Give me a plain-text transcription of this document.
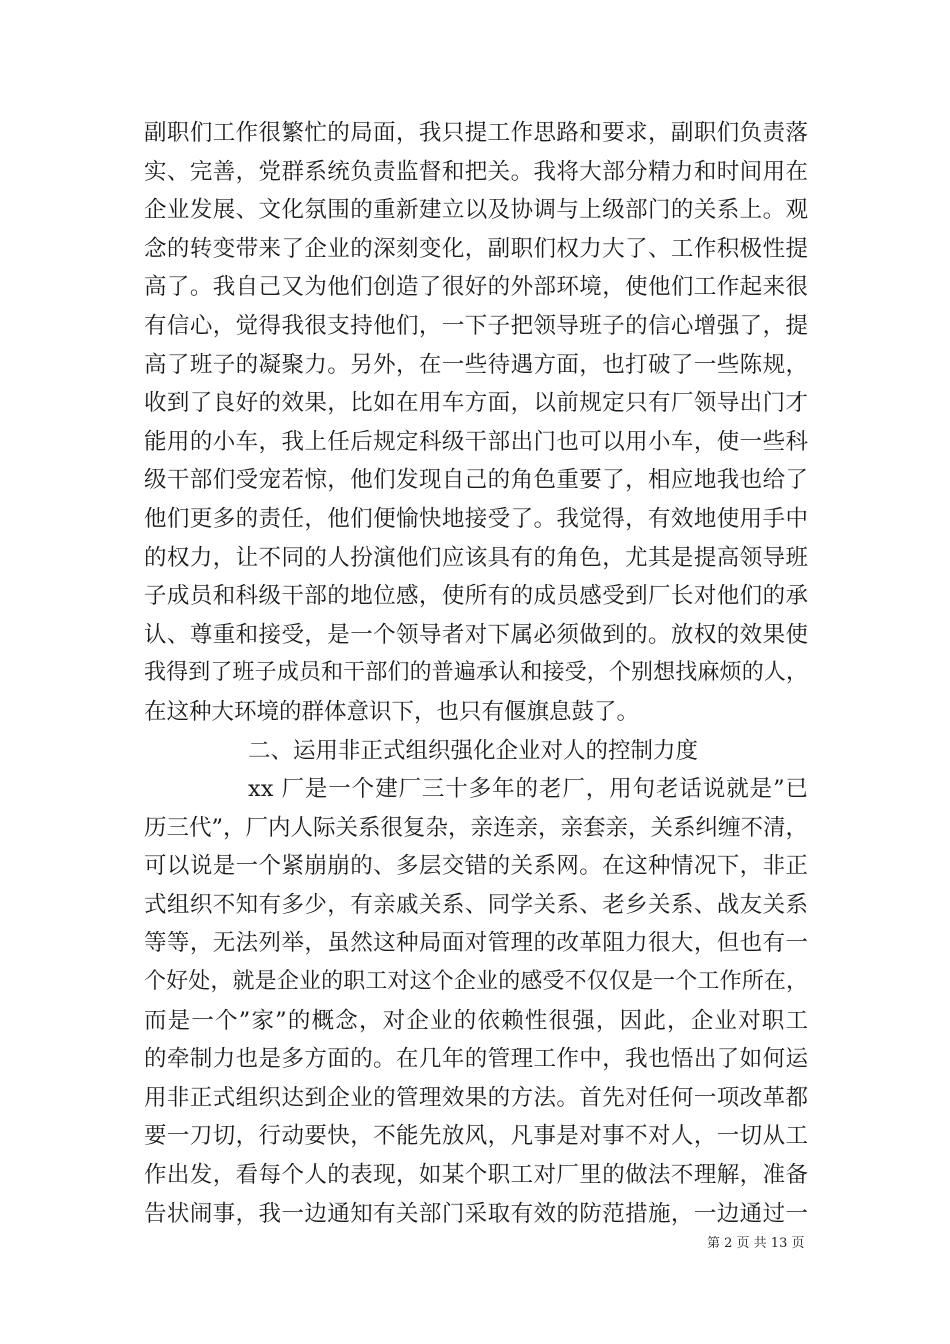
副职们工作很繁忙的局面，我只提工作思路和要求，副职们负责落
实、完善，党群系统负责监督和把关。我将大部分精力和时间用在
企业发展、文化氛围的重新建立以及协调与上级部门的关系上。观
念的转变带来了企业的深刻变化，副职们权力大了、工作积极性提
高了。我自己又为他们创造了很好的外部环境，使他们工作起来很
有信心，觉得我很支持他们，一下子把领导班子的信心增强了，提
高了班子的凝聚力。另外，在一些待遇方面，也打破了一些陈规，
收到了良好的效果，比如在用车方面，以前规定只有厂领导出门才
能用的小车，我上任后规定科级干部出门也可以用小车，使一些科
级干部们受宠若惊，他们发现自己的角色重要了，相应地我也给了
他们更多的责任，他们便愉快地接受了。我觉得，有效地使用手中
的权力，让不同的人扮演他们应该具有的角色，尤其是提高领导班
子成员和科级干部的地位感，使所有的成员感受到厂长对他们的承
认、尊重和接受，是一个领导者对下属必须做到的。放权的效果使
我得到了班子成员和干部们的普遍承认和接受，个别想找麻烦的人，
在这种大环境的群体意识下，也只有偃旗息鼓了。
二、运用非正式组织强化企业对人的控制力度
xx 厂是一个建厂三十多年的老厂，用句老话说就是”已
历三代”，厂内人际关系很复杂，亲连亲，亲套亲，关系纠缠不清，
可以说是一个紧崩崩的、多层交错的关系网。在这种情况下，非正
式组织不知有多少，有亲戚关系、同学关系、老乡关系、战友关系
等等，无法列举，虽然这种局面对管理的改革阻力很大，但也有一
个好处，就是企业的职工对这个企业的感受不仅仅是一个工作所在，
而是一个”家”的概念，对企业的依赖性很强，因此，企业对职工
的牵制力也是多方面的。在几年的管理工作中，我也悟出了如何运
用非正式组织达到企业的管理效果的方法。首先对任何一项改革都
要一刀切，行动要快，不能先放风，凡事是对事不对人，一切从工
作出发，看每个人的表现，如某个职工对厂里的做法不理解，准备
告状闹事，我一边通知有关部门采取有效的防范措施，一边通过一
第 2 页 共 13 页
